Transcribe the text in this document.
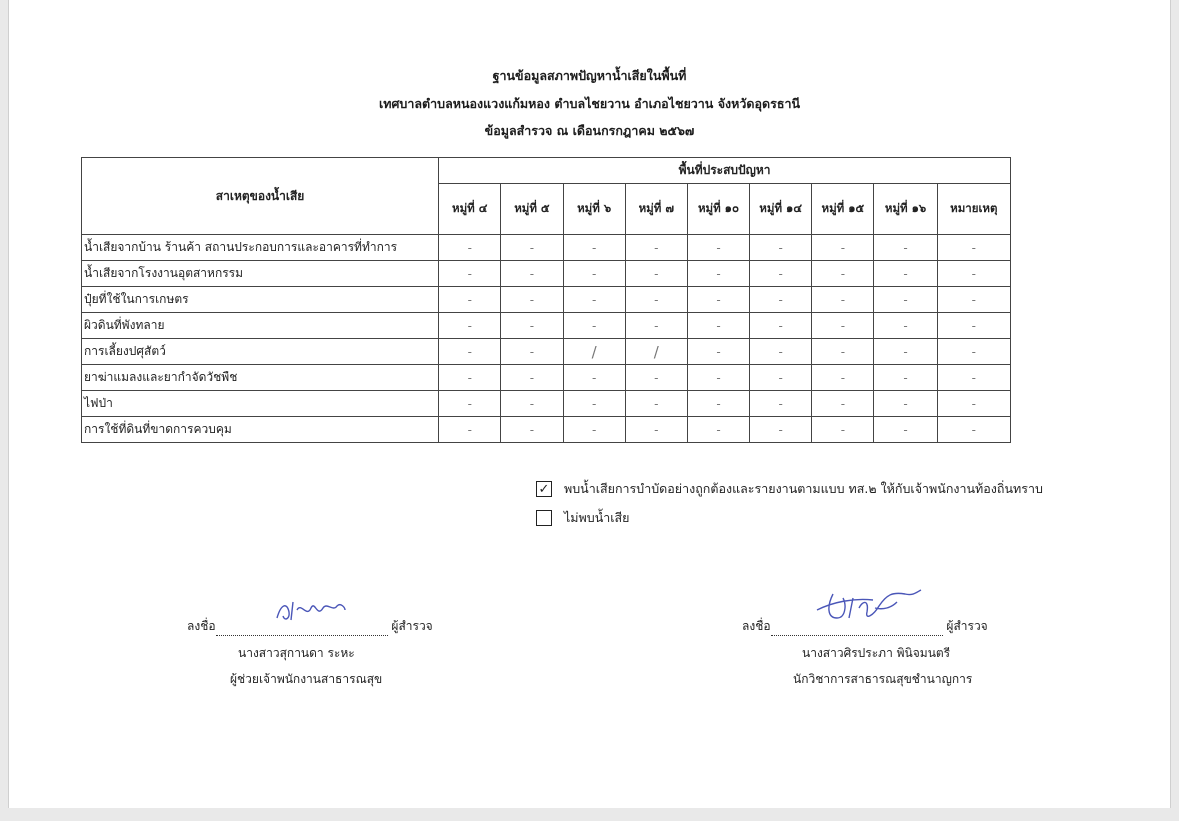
ฐานข้อมูลสภาพปัญหาน้ำเสียในพื้นที่
เทศบาลตำบลหนองแวงแก้มหอง ตำบลไชยวาน อำเภอไชยวาน จังหวัดอุดรธานี
ข้อมูลสำรวจ ณ เดือนกรกฎาคม ๒๕๖๗
สาเหตุของน้ำเสีย	พื้นที่ประสบปัญหา								
	หมู่ที่ ๔	หมู่ที่ ๕	หมู่ที่ ๖	หมู่ที่ ๗	หมู่ที่ ๑๐	หมู่ที่ ๑๔	หมู่ที่ ๑๕	หมู่ที่ ๑๖	หมายเหตุ
น้ำเสียจากบ้าน ร้านค้า สถานประกอบการและอาคารที่ทำการ	-	-	-	-	-	-	-	-	-
น้ำเสียจากโรงงานอุตสาหกรรม	-	-	-	-	-	-	-	-	-
ปุ๋ยที่ใช้ในการเกษตร	-	-	-	-	-	-	-	-	-
ผิวดินที่พังทลาย	-	-	-	-	-	-	-	-	-
การเลี้ยงปศุสัตว์	-	-	/	/	-	-	-	-	-
ยาฆ่าแมลงและยากำจัดวัชพืช	-	-	-	-	-	-	-	-	-
ไฟป่า	-	-	-	-	-	-	-	-	-
การใช้ที่ดินที่ขาดการควบคุม	-	-	-	-	-	-	-	-	-
✓ พบน้ำเสียการบำบัดอย่างถูกต้องและรายงานตามแบบ ทส.๒ ให้กับเจ้าพนักงานท้องถิ่นทราบ
ไม่พบน้ำเสีย
ลงชื่อ	ผู้สำรวจ
นางสาวสุกานดา ระหะ
ผู้ช่วยเจ้าพนักงานสาธารณสุข
ลงชื่อ	ผู้สำรวจ
นางสาวศิรประภา พินิจมนตรี
นักวิชาการสาธารณสุขชำนาญการ
